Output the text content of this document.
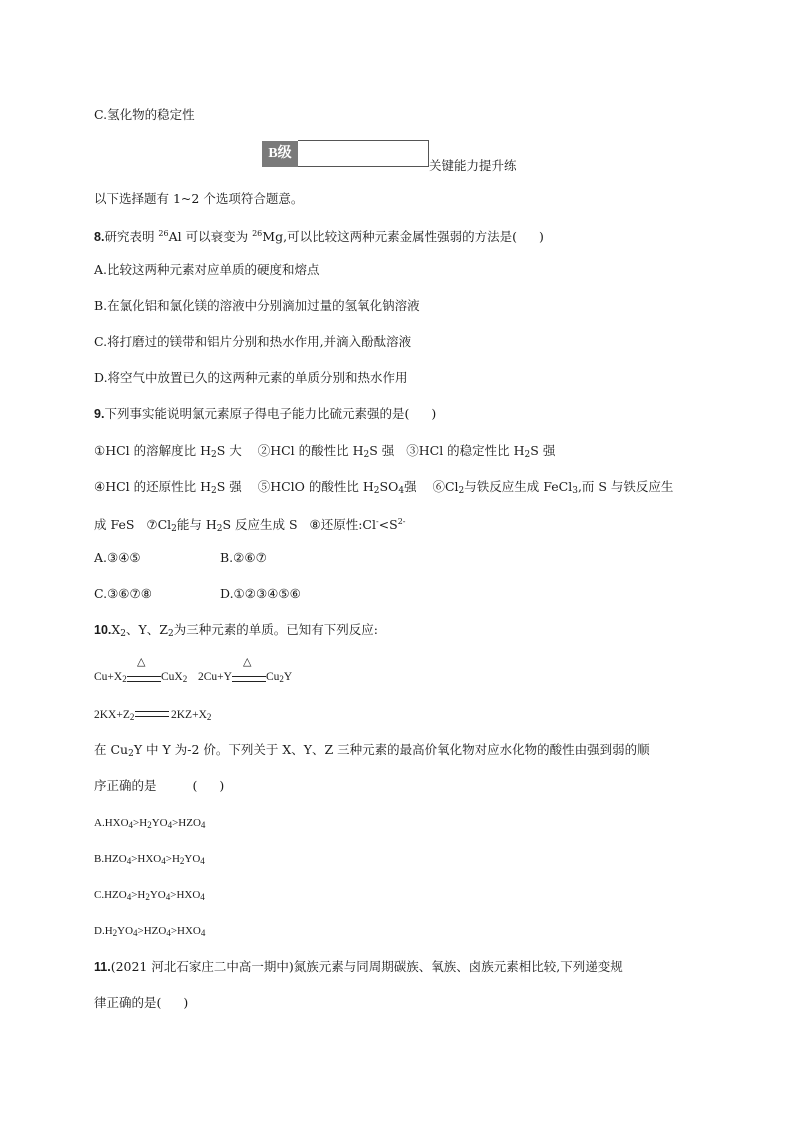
C.氢化物的稳定性
B级
关键能力提升练
以下选择题有 1~2 个选项符合题意。
8.研究表明 $^{26}$Al 可以衰变为 $^{26}$Mg,可以比较这两种元素金属性强弱的方法是( )
A.比较这两种元素对应单质的硬度和熔点
B.在氯化铝和氯化镁的溶液中分别滴加过量的氢氧化钠溶液
C.将打磨过的镁带和铝片分别和热水作用,并滴入酚酞溶液
D.将空气中放置已久的这两种元素的单质分别和热水作用
9.下列事实能说明氯元素原子得电子能力比硫元素强的是( )
①HCl 的溶解度比 $H_2S$ 大 ②HCl 的酸性比 $H_2S$ 强 ③HCl 的稳定性比 $H_2S$ 强
④HCl 的还原性比 $H_2S$ 强 ⑤HClO 的酸性比 $H_2SO_4$强 $⑥Cl_2$与铁反应生成 FeCl$_3$,而 S 与铁反应生
成 FeS $⑦Cl_2$能与 $H_2S$ 反应生成 S ⑧还原性$:Cl^-<S^{2-}$
A.③④⑤	B.②⑥⑦
C.③⑥⑦⑧	D.①②③④⑤⑥
$10.X_2$、Y、$Z_2$为三种元素的单质。已知有下列反应:
△
$Cu+X_2$	CuX$_2$
△
2Cu+Y	$Cu_2Y$
$2KX+Z_2$	$2KZ+X_2$
在 $Cu_2Y$ 中 Y 为-2 价。下列关于 X、Y、Z 三种元素的最高价氧化物对应水化物的酸性由强到弱的顺
序正确的是	( )
$A.HXO_4>H_2YO_4>HZO_4$
$B.HZO_4>HXO_4>H_2YO_4$
$C.HZO_4>H_2YO_4>HXO_4$
$D.H_2YO_4>HZO_4>HXO_4$
11.(2021 河北石家庄二中高一期中)氮族元素与同周期碳族、氧族、卤族元素相比较,下列递变规
律正确的是( )
